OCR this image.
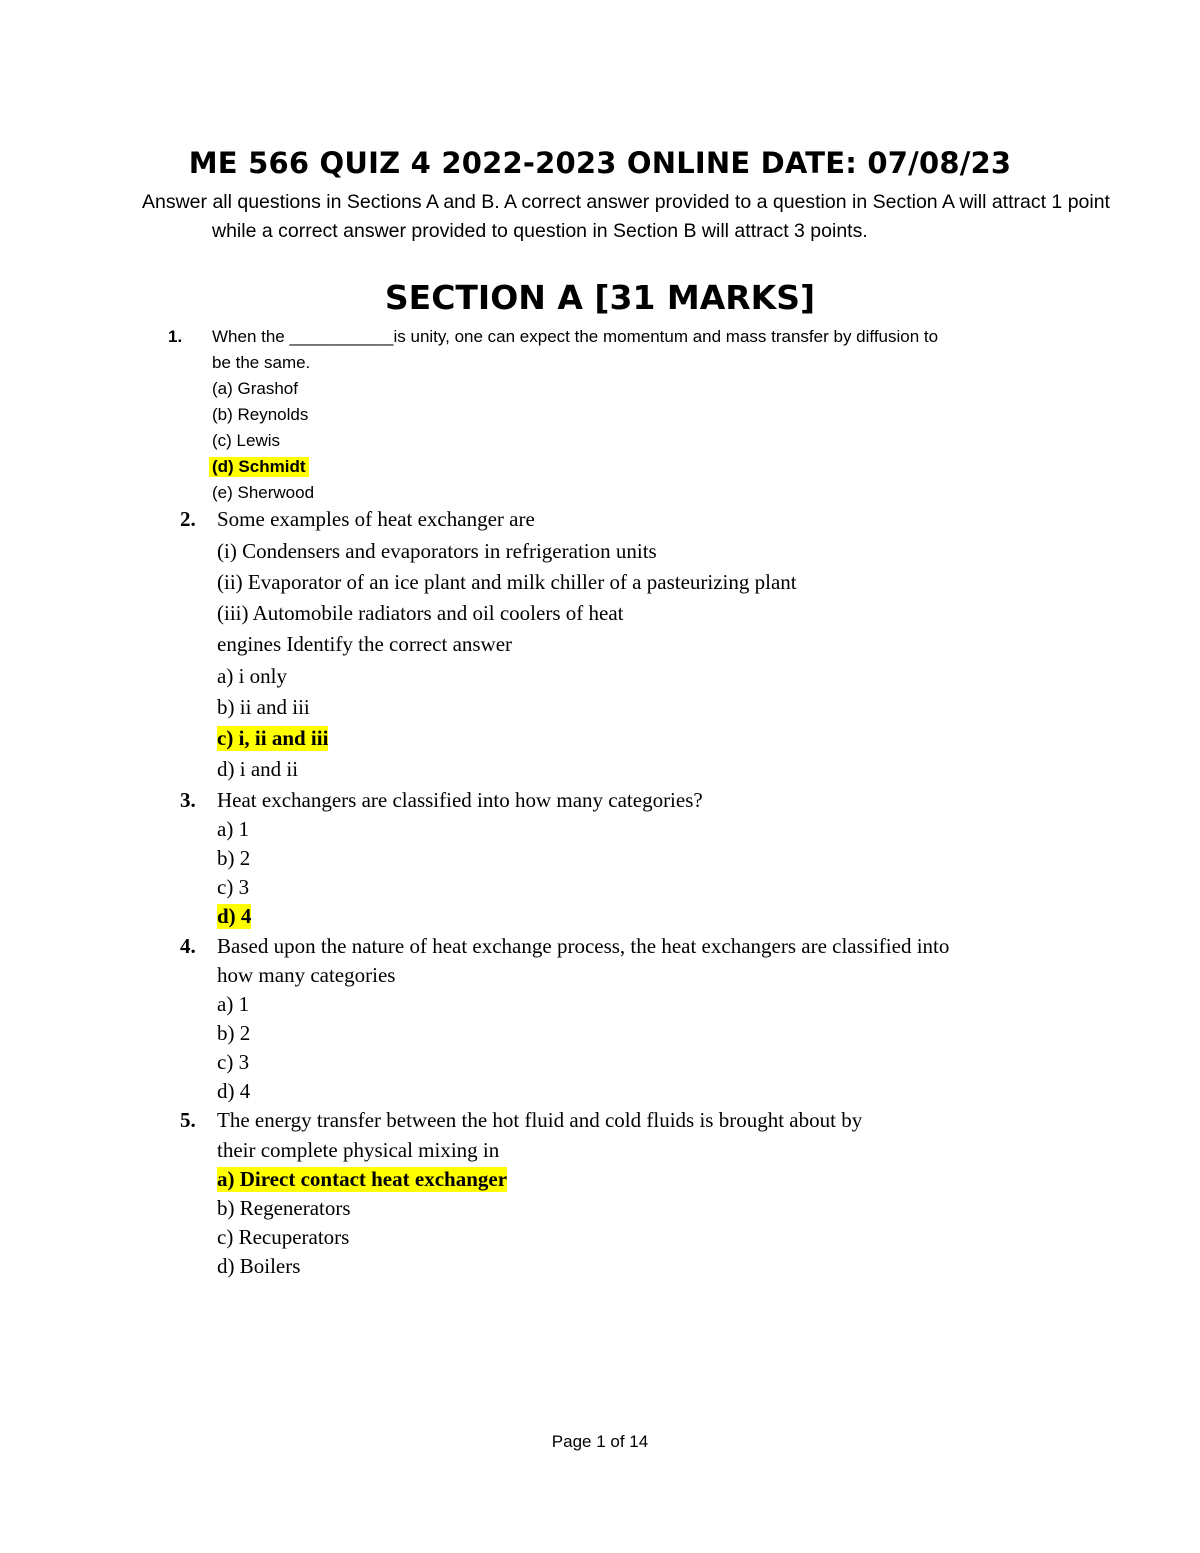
ME 566 QUIZ 4 2022-2023 ONLINE DATE: 07/08/23
Answer all questions in Sections A and B. A correct answer provided to a question in Section A will attract 1 point while a correct answer provided to question in Section B will attract 3 points.
SECTION A [31 MARKS]
1. When the ___________is unity, one can expect the momentum and mass transfer by diffusion to
be the same.
(a) Grashof
(b) Reynolds
(c) Lewis
(d) Schmidt
(e) Sherwood
2. Some examples of heat exchanger are
(i) Condensers and evaporators in refrigeration units
(ii) Evaporator of an ice plant and milk chiller of a pasteurizing plant
(iii) Automobile radiators and oil coolers of heat
engines Identify the correct answer
a) i only
b) ii and iii
c) i, ii and iii
d) i and ii
3. Heat exchangers are classified into how many categories?
a) 1
b) 2
c) 3
d) 4
4. Based upon the nature of heat exchange process, the heat exchangers are classified into
how many categories
a) 1
b) 2
c) 3
d) 4
5. The energy transfer between the hot fluid and cold fluids is brought about by
their complete physical mixing in
a) Direct contact heat exchanger
b) Regenerators
c) Recuperators
d) Boilers
Page 1 of 14
